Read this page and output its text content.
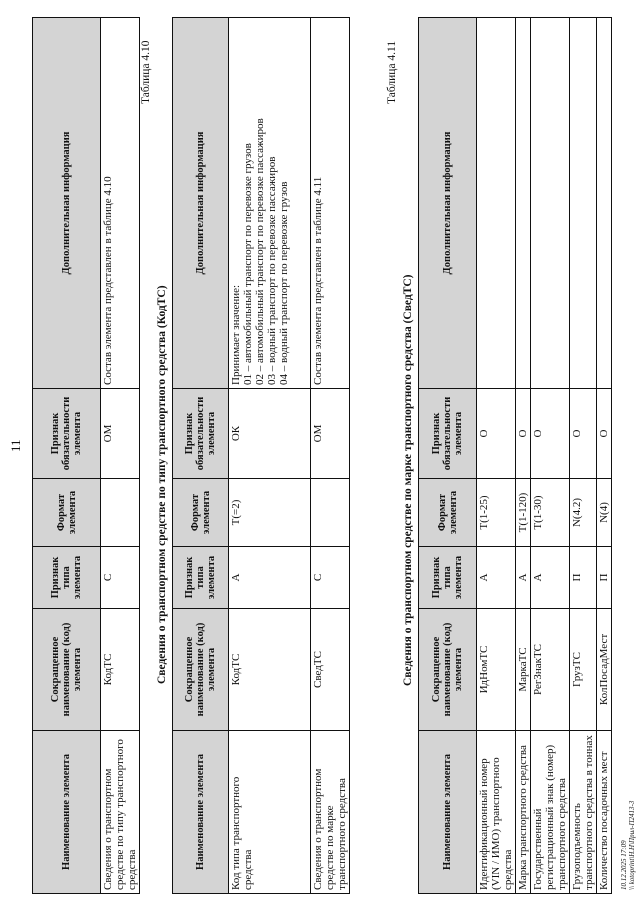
11
Наименование элемента	Сокращенное наименование (код) элемента	Признак типа элемента	Формат элемента	Признак обязательности элемента	Дополнительная информация
Сведения о транспортном средстве по типу транспортного средства	КодТС	С		ОМ	Состав элемента представлен в таблице 4.10
Таблица 4.10
Сведения о транспортном средстве по типу транспортного средства (КодТС)
Наименование элемента	Сокращенное наименование (код) элемента	Признак типа элемента	Формат элемента	Признак обязательности элемента	Дополнительная информация
Код типа транспортного средства	КодТС	А	T(=2)	ОК	Принимает значение: 01 – автомобильный транспорт по перевозке грузов 02 – автомобильный транспорт по перевозке пассажиров 03 – водный транспорт по перевозке пассажиров 04 – водный транспорт по перевозке грузов

Сведения о транспортном средстве по марке транспортного средства	СведТС	С		ОМ	Состав элемента представлен в таблице 4.11
Таблица 4.11
Сведения о транспортном средстве по марке транспортного средства (СведТС)
Наименование элемента	Сокращенное наименование (код) элемента	Признак типа элемента	Формат элемента	Признак обязательности элемента	Дополнительная информация
Идентификационный номер (VIN / ИМО) транспортного средства	ИдНомТС	А	T(1-25)	О	
Марка транспортного средства	МаркаТС	А	T(1-120)	О	
Государственный регистрационный знак (номер) транспортного средства	РегЗнакТС	А	T(1-30)	О	
Грузоподъемность транспортного средства в тоннах	ГрузТС	П	N(4.2)	О	
Количество посадочных мест	КолПосадМест	П	N(4)	О	
10.12.2025 17:09 \\ kotoprint\Н.Н\Прил-П2413-3
